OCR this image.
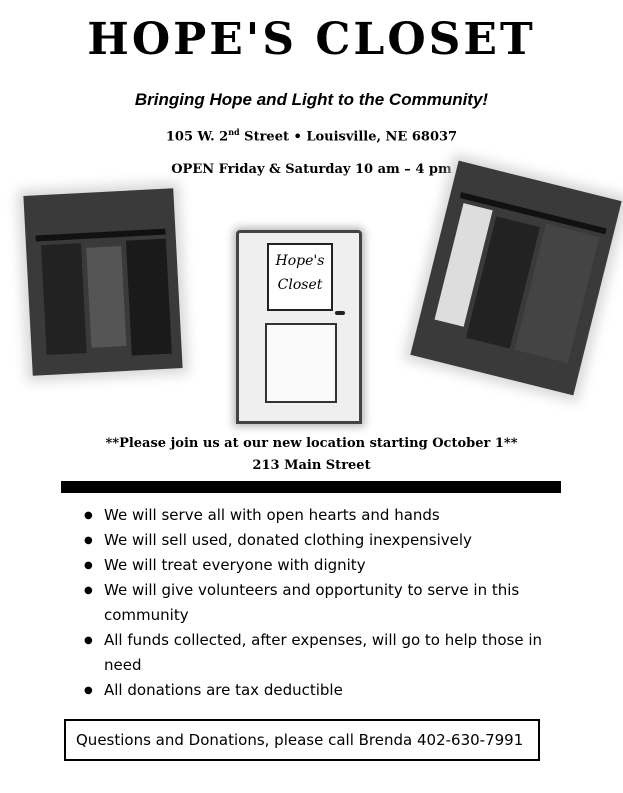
HOPE'S CLOSET
Bringing Hope and Light to the Community!
105 W. 2nd Street • Louisville, NE 68037
OPEN Friday & Saturday 10 am – 4 pm
Hope's
Closet
**Please join us at our new location starting October 1**
213 Main Street
● We will serve all with open hearts and hands
● We will sell used, donated clothing inexpensively
● We will treat everyone with dignity
● We will give volunteers and opportunity to serve in this community
● All funds collected, after expenses, will go to help those in need
● All donations are tax deductible
Questions and Donations, please call Brenda 402-630-7991
